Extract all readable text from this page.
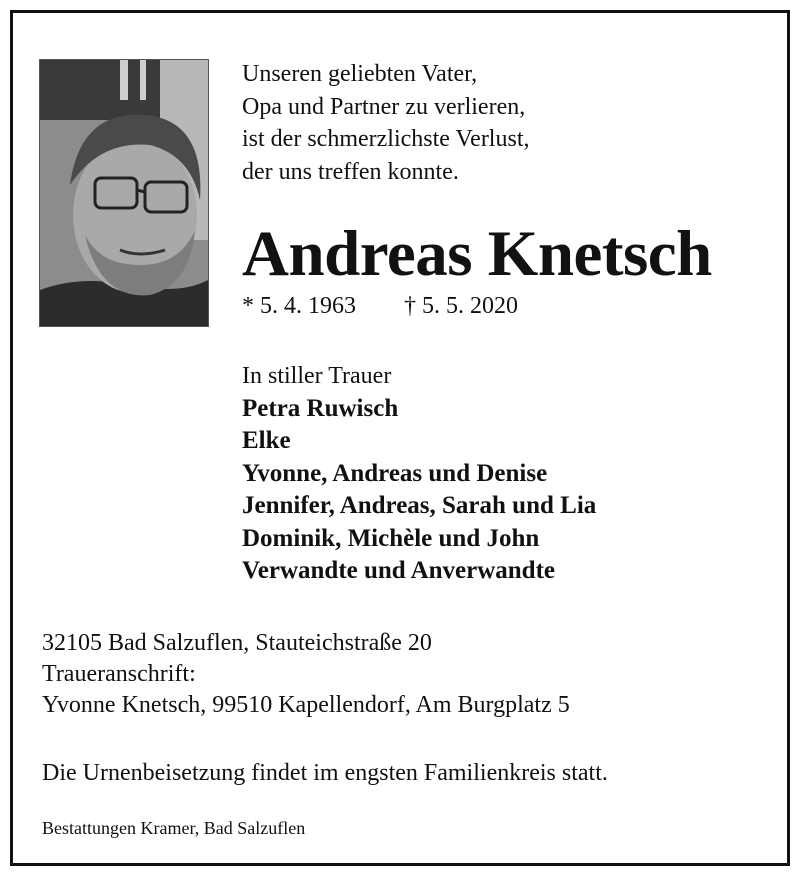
Unseren geliebten Vater,
Opa und Partner zu verlieren,
ist der schmerzlichste Verlust,
der uns treffen konnte.
Andreas Knetsch
* 5. 4. 1963 † 5. 5. 2020
In stiller Trauer
Petra Ruwisch
Elke
Yvonne, Andreas und Denise
Jennifer, Andreas, Sarah und Lia
Dominik, Michèle und John
Verwandte und Anverwandte
32105 Bad Salzuflen, Stauteichstraße 20
Traueranschrift:
Yvonne Knetsch, 99510 Kapellendorf, Am Burgplatz 5
Die Urnenbeisetzung findet im engsten Familienkreis statt.
Bestattungen Kramer, Bad Salzuflen
